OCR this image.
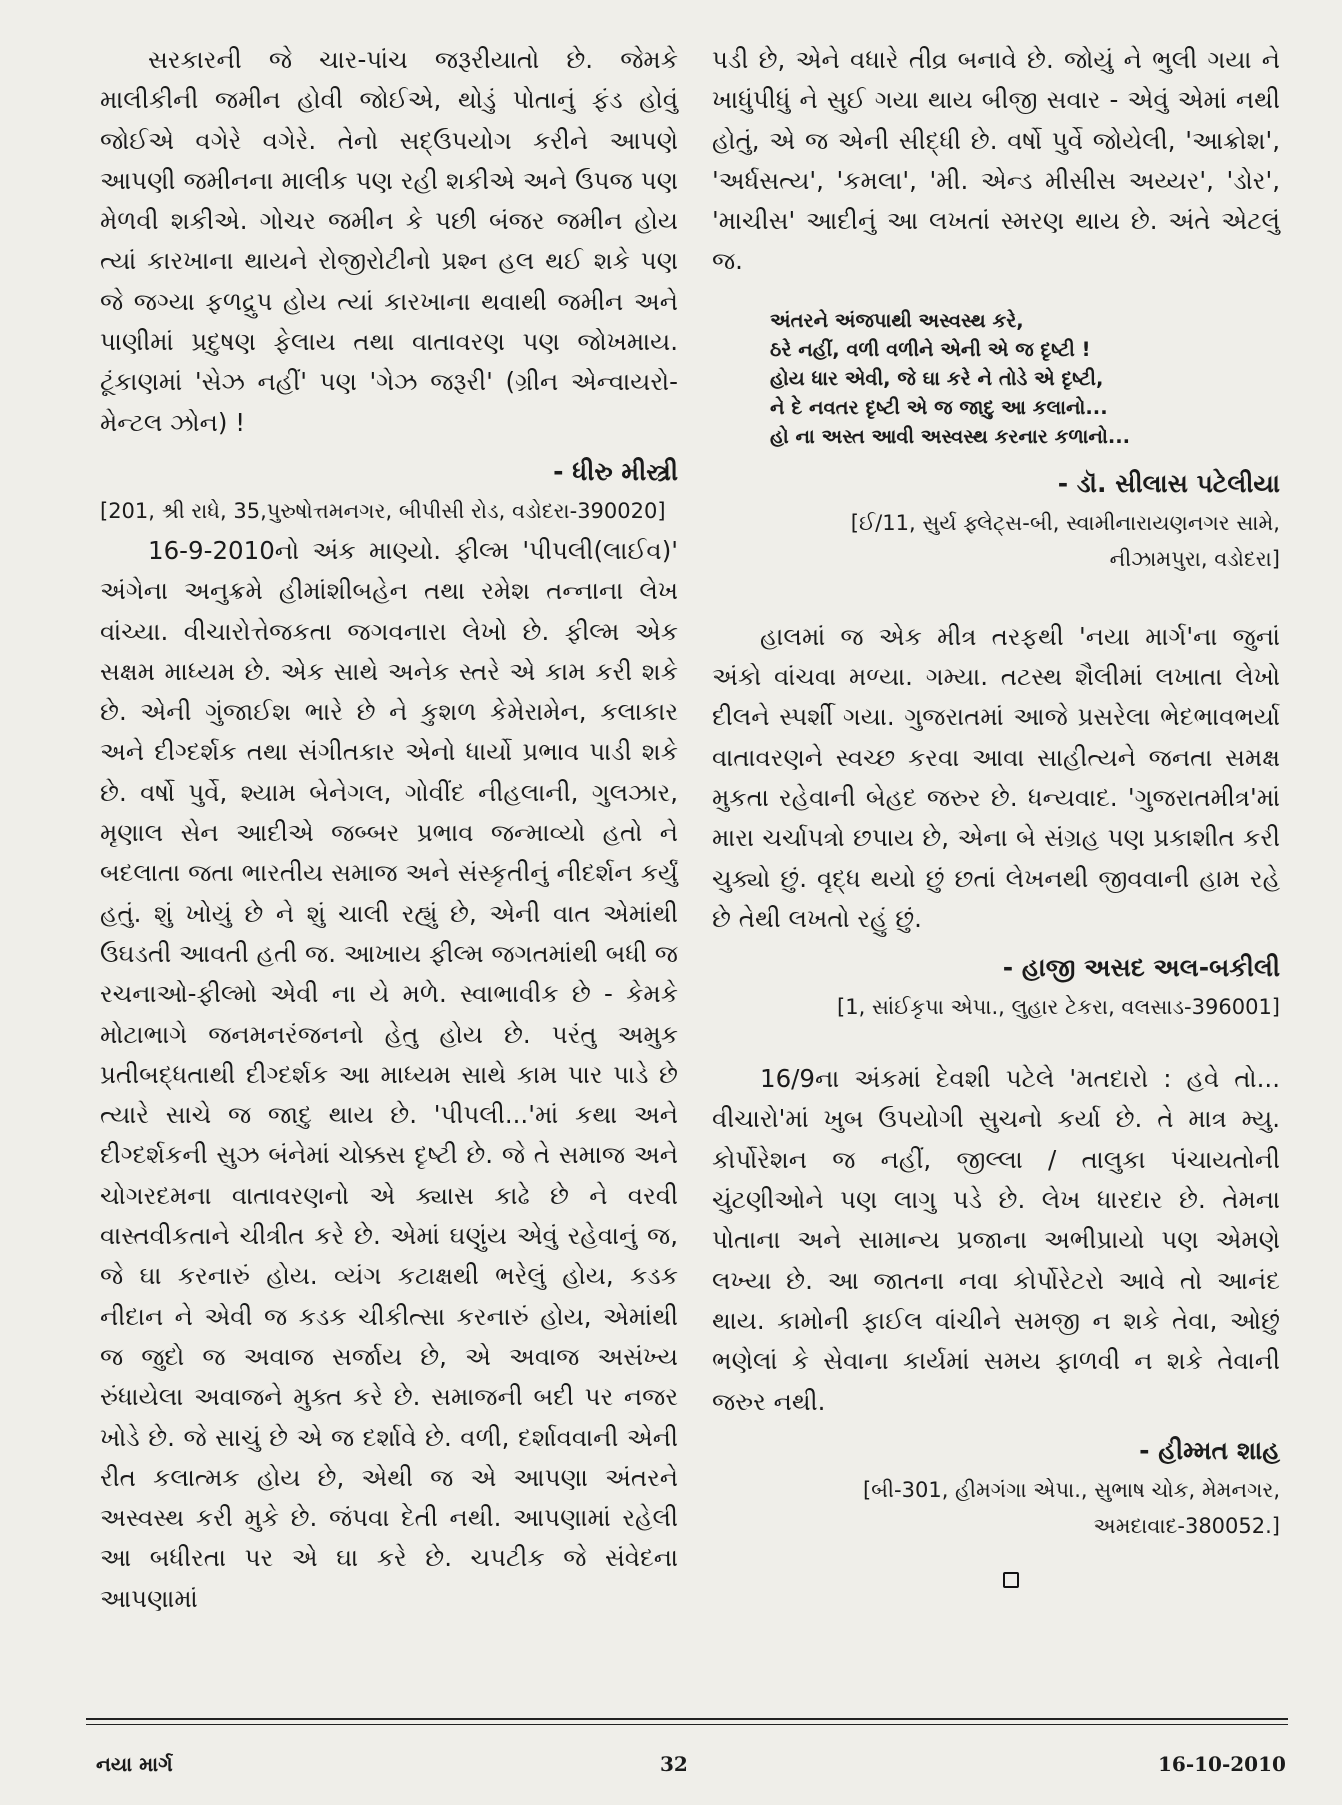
સરકારની જે ચાર-પાંચ જરૂરીયાતો છે. જેમકે માલીકીની જમીન હોવી જોઈએ, થોડું પોતાનું ફંડ હોવું જોઈએ વગેરે વગેરે. તેનો સદ્‌ઉપયોગ કરીને આપણે આપણી જમીનના માલીક પણ રહી શકીએ અને ઉપજ પણ મેળવી શકીએ. ગોચર જમીન કે પછી બંજર જમીન હોય ત્યાં કારખાના થાયને રોજીરોટીનો પ્રશ્ન હલ થઈ શકે પણ જે જગ્યા ફળદ્રુપ હોય ત્યાં કારખાના થવાથી જમીન અને પાણીમાં પ્રદુષણ ફેલાય તથા વાતાવરણ પણ જોખમાય. ટૂંકાણમાં 'સેઝ નહીં' પણ 'ગેઝ જરૂરી' (ગ્રીન એન્વાયરો-મેન્ટલ ઝોન) !

- ધીરુ મીસ્ત્રી
[201, શ્રી રાધે, 35,પુરુષોત્તમનગર, બીપીસી રોડ, વડોદરા-390020]

16-9-2010નો અંક માણ્યો. ફીલ્મ 'પીપલી(લાઈવ)' અંગેના અનુક્રમે હીમાંશીબહેન તથા રમેશ તન્નાના લેખ વાંચ્યા. વીચારોત્તેજકતા જગવનારા લેખો છે. ફીલ્મ એક સક્ષમ માધ્યમ છે. એક સાથે અનેક સ્તરે એ કામ કરી શકે છે. એની ગુંજાઈશ ભારે છે ને કુશળ કેમેરામેન, કલાકાર અને દીગ્દર્શક તથા સંગીતકાર એનો ધાર્યો પ્રભાવ પાડી શકે છે. વર્ષો પુર્વે, શ્યામ બેનેગલ, ગોવીંદ નીહલાની, ગુલઝાર, મૃણાલ સેન આદીએ જબ્બર પ્રભાવ જન્માવ્યો હતો ને બદલાતા જતા ભારતીય સમાજ અને સંસ્કૃતીનું નીદર્શન કર્યું હતું. શું ખોયું છે ને શું ચાલી રહ્યું છે, એની વાત એમાંથી ઉઘડતી આવતી હતી જ. આખાય ફીલ્મ જગતમાંથી બધી જ રચનાઓ-ફીલ્મો એવી ના યે મળે. સ્વાભાવીક છે - કેમકે મોટાભાગે જનમનરંજનનો હેતુ હોય છે. પરંતુ અમુક પ્રતીબદ્ધતાથી દીગ્દર્શક આ માધ્યમ સાથે કામ પાર પાડે છે ત્યારે સાચે જ જાદુ થાય છે. 'પીપલી...'માં કથા અને દીગ્દર્શકની સુઝ બંનેમાં ચોક્કસ દૃષ્ટી છે. જે તે સમાજ અને ચોગરદમના વાતાવરણનો એ ક્યાસ કાઢે છે ને વરવી વાસ્તવીકતાને ચીત્રીત કરે છે. એમાં ઘણુંય એવું રહેવાનું જ, જે ઘા કરનારું હોય. વ્યંગ કટાક્ષથી ભરેલું હોય, કડક નીદાન ને એવી જ કડક ચીકીત્સા કરનારું હોય, એમાંથી જ જુદો જ અવાજ સર્જાય છે, એ અવાજ અસંખ્ય રુંધાયેલા અવાજને મુક્ત કરે છે. સમાજની બદી પર નજર ખોડે છે. જે સાચું છે એ જ દર્શાવે છે. વળી, દર્શાવવાની એની રીત કલાત્મક હોય છે, એથી જ એ આપણા અંતરને અસ્વસ્થ કરી મુકે છે. જંપવા દેતી નથી. આપણામાં રહેલી આ બધીરતા પર એ ઘા કરે છે. ચપટીક જે સંવેદના આપણામાં

પડી છે, એને વધારે તીવ્ર બનાવે છે. જોયું ને ભુલી ગયા ને ખાધુંપીધું ને સુઈ ગયા થાય બીજી સવાર - એવું એમાં નથી હોતું, એ જ એની સીદ્ધી છે. વર્ષો પુર્વે જોયેલી, 'આક્રોશ', 'અર્ધસત્ય', 'કમલા', 'મી. એન્ડ મીસીસ અય્યર', 'ડોર', 'માચીસ' આદીનું આ લખતાં સ્મરણ થાય છે. અંતે એટલું જ.

અંતરને અંજપાથી અસ્વસ્થ કરે,
ઠરે નહીં, વળી વળીને એની એ જ દૃષ્ટી !
હોય ધાર એવી, જે ઘા કરે ને તોડે એ દૃષ્ટી,
ને દે નવતર દૃષ્ટી એ જ જાદુ આ કલાનો...
હો ના અસ્ત આવી અસ્વસ્થ કરનાર કળાનો...
- ડૉ. સીલાસ પટેલીયા
[ઈ/11, સુર્ય ફ્લેટ્સ-બી, સ્વામીનારાયણનગર સામે,
નીઝામપુરા, વડોદરા]

હાલમાં જ એક મીત્ર તરફથી 'નયા માર્ગ'ના જુનાં અંકો વાંચવા મળ્યા. ગમ્યા. તટસ્થ શૈલીમાં લખાતા લેખો દીલને સ્પર્શી ગયા. ગુજરાતમાં આજે પ્રસરેલા ભેદભાવભર્યા વાતાવરણને સ્વચ્છ કરવા આવા સાહીત્યને જનતા સમક્ષ મુકતા રહેવાની બેહદ જરુર છે. ધન્યવાદ. 'ગુજરાતમીત્ર'માં મારા ચર્ચાપત્રો છપાય છે, એના બે સંગ્રહ પણ પ્રકાશીત કરી ચુક્યો છું. વૃદ્ધ થયો છું છતાં લેખનથી જીવવાની હામ રહે છે તેથી લખતો રહું છું.

- હાજી અસદ અલ-બકીલી
[1, સાંઈકૃપા એપા., લુહાર ટેકરા, વલસાડ-396001]

16/9ના અંકમાં દેવશી પટેલે 'મતદારો : હવે તો... વીચારો'માં ખુબ ઉપયોગી સુચનો કર્યા છે. તે માત્ર મ્યુ. કોર્પોરેશન જ નહીં, જીલ્લા / તાલુકા પંચાયતોની ચુંટણીઓને પણ લાગુ પડે છે. લેખ ધારદાર છે. તેમના પોતાના અને સામાન્ય પ્રજાના અભીપ્રાયો પણ એમણે લખ્યા છે. આ જાતના નવા કોર્પોરેટરો આવે તો આનંદ થાય. કામોની ફાઈલ વાંચીને સમજી ન શકે તેવા, ઓછું ભણેલાં કે સેવાના કાર્યમાં સમય ફાળવી ન શકે તેવાની જરુર નથી.

- હીમ્મત શાહ
[બી-301, હીમગંગા એપા., સુભાષ ચોક, મેમનગર,
અમદાવાદ-380052.]
નયા માર્ગ	32	16-10-2010
